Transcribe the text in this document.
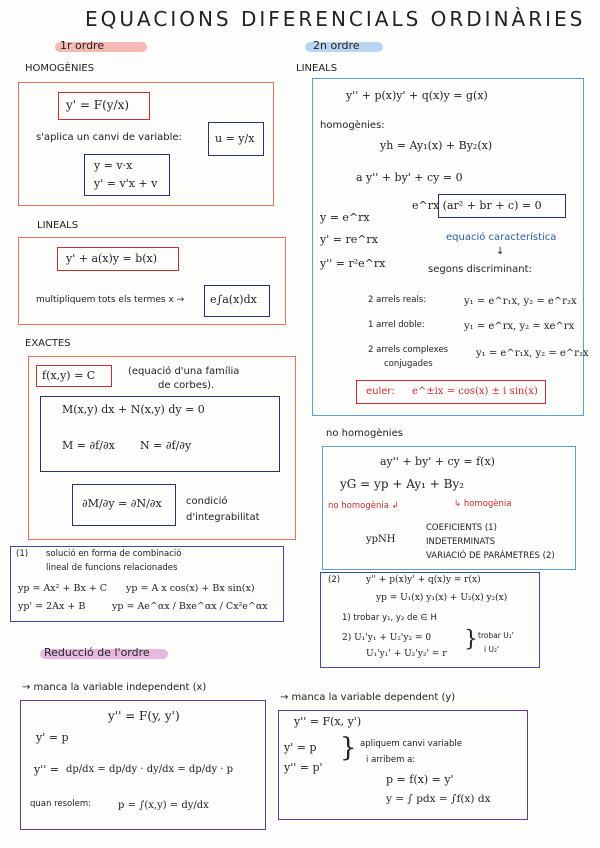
EQUACIONS DIFERENCIALS ORDINÀRIES
1r ordre	2n ordre
HOMOGÈNIES
y' = F(y/x)
s'aplica un canvi de variable:	u = y/x
y = v·x
y' = v'x + v
LINEALS
y' + a(x)y = b(x)
multipliquem tots els termes x → e∫a(x)dx
EXACTES
f(x,y) = C	(equació d'una família
de corbes).
M(x,y) dx + N(x,y) dy = 0
M = ∂f/∂x N = ∂f/∂y
∂M/∂y = ∂N/∂x condició
d'integrabilitat
(1) solució en forma de combinació
lineal de funcions relacionades
yp = Ax² + Bx + C yp = A x cos(x) + Bx sin(x)
yp' = 2Ax + B	yp = Ae^αx / Bxe^αx / Cx²e^αx
LINEALS
y'' + p(x)y' + q(x)y = g(x)
homogènies:
yh = Ay₁(x) + By₂(x)
a y'' + by' + cy = 0
y = e^rx
y' = re^rx
y'' = r²e^rx
e^rx (ar² + br + c) = 0
equació característica
↓
segons discriminant:
2 arrels reals:	y₁ = e^r₁x, y₂ = e^r₂x
1 arrel doble:	y₁ = e^rx, y₂ = xe^rx
2 arrels complexes
conjugades
y₁ = e^r₁x, y₂ = e^r₂x
euler: e^±ix = cos(x) ± i sin(x)
no homogènies
ay'' + by' + cy = f(x)
yG = yp + Ay₁ + By₂
no homogènia ↲	↳ homogènia
ypNH
COEFICIENTS (1)
INDETERMINATS
VARIACIÓ DE PARÀMETRES (2)
(2)	y'' + p(x)y' + q(x)y = r(x)
yp = U₁(x) y₁(x) + U₂(x) y₂(x)
1) trobar y₁, y₂ de ∈ H
2) U₁'y₁ + U₂'y₂ = 0
U₁'y₁' + U₂'y₂' = r
} trobar U₁'
i U₂'
Reducció de l'ordre
→ manca la variable independent (x)
y'' = F(y, y')
y' = p
y'' = dp/dx = dp/dy · dy/dx = dp/dy · p
quan resolem:	p = ∫(x,y) = dy/dx
→ manca la variable dependent (y)
y'' = F(x, y')
y' = p
y'' = p'
} apliquem canvi variable
i arribem a:
p = f(x) = y'
y = ∫ pdx = ∫f(x) dx
